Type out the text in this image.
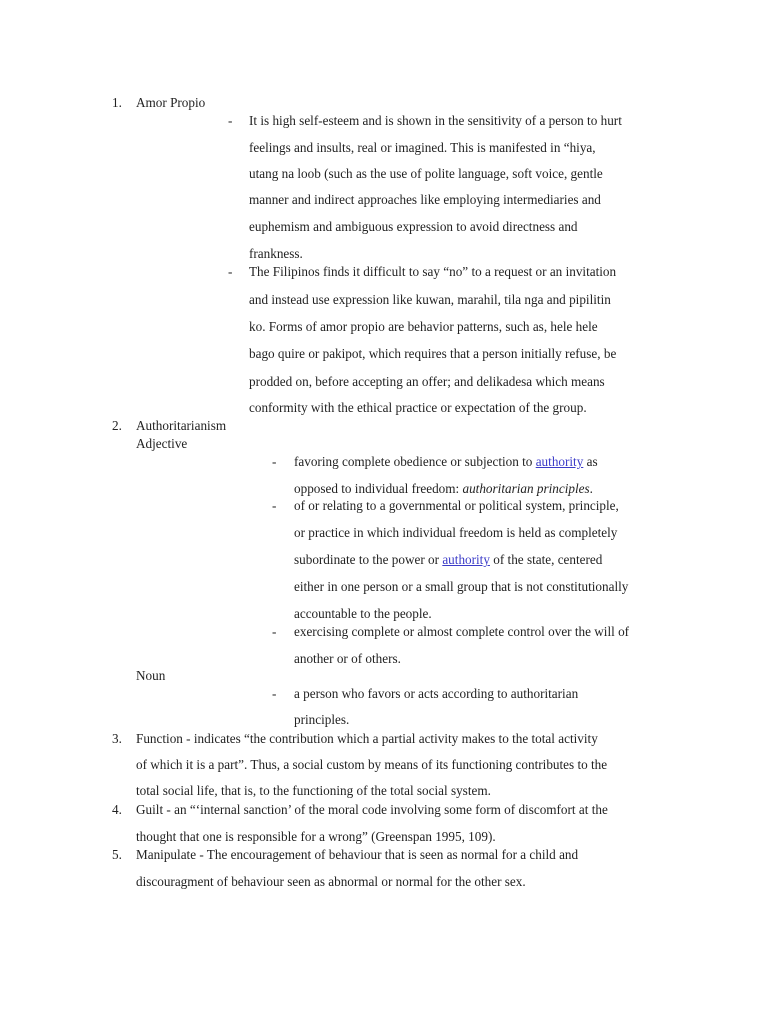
1. Amor Propio
- It is high self-esteem and is shown in the sensitivity of a person to hurt
feelings and insults, real or imagined. This is manifested in “hiya,
utang na loob (such as the use of polite language, soft voice, gentle
manner and indirect approaches like employing intermediaries and
euphemism and ambiguous expression to avoid directness and
frankness.
- The Filipinos finds it difficult to say “no” to a request or an invitation
and instead use expression like kuwan, marahil, tila nga and pipilitin
ko. Forms of amor propio are behavior patterns, such as, hele hele
bago quire or pakipot, which requires that a person initially refuse, be
prodded on, before accepting an offer; and delikadesa which means
conformity with the ethical practice or expectation of the group.
2. Authoritarianism
Adjective
- favoring complete obedience or subjection to authority as
opposed to individual freedom: authoritarian principles.
- of or relating to a governmental or political system, principle,
or practice in which individual freedom is held as completely
subordinate to the power or authority of the state, centered
either in one person or a small group that is not constitutionally
accountable to the people.
- exercising complete or almost complete control over the will of
another or of others.
Noun
- a person who favors or acts according to authoritarian
principles.
3. Function - indicates “the contribution which a partial activity makes to the total activity
of which it is a part”. Thus, a social custom by means of its functioning contributes to the
total social life, that is, to the functioning of the total social system.
4. Guilt - an “‘internal sanction’ of the moral code involving some form of discomfort at the
thought that one is responsible for a wrong” (Greenspan 1995, 109).
5. Manipulate - The encouragement of behaviour that is seen as normal for a child and
discouragment of behaviour seen as abnormal or normal for the other sex.
